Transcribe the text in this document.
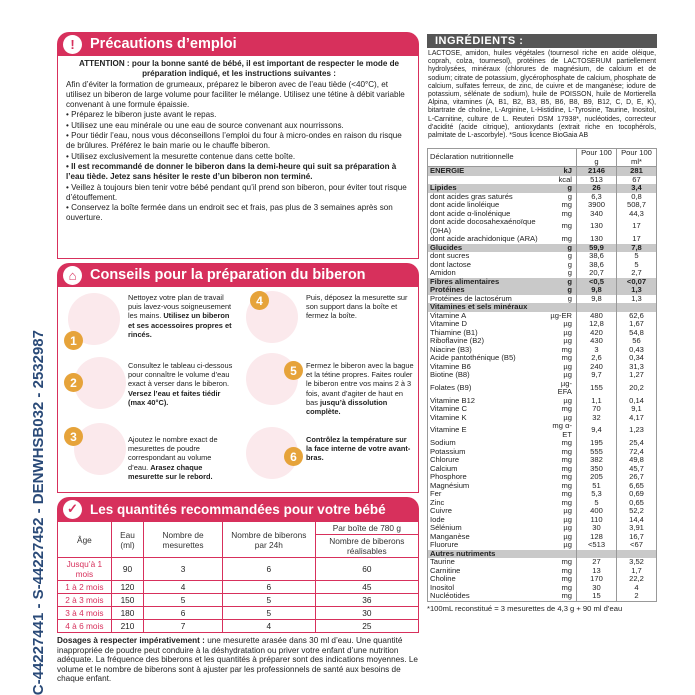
C-44227441 - S-44227452 - DENWHSB032 - 2532987
!	Précautions d’emploi

ATTENTION : pour la bonne santé de bébé, il est important de respecter le mode de préparation indiqué, et les instructions suivantes :

Afin d’éviter la formation de grumeaux, préparez le biberon avec de l’eau tiède (<40°C), et utilisez un biberon de large volume pour faciliter le mélange. Utilisez une tétine à débit variable convenant à une formule épaissie.

• Préparez le biberon juste avant le repas.
• Utilisez une eau minérale ou une eau de source convenant aux nourrissons.
• Pour tiédir l’eau, nous vous déconseillons l’emploi du four à micro-ondes en raison du risque de brûlures. Préférez le bain marie ou le chauffe biberon.
• Utilisez exclusivement la mesurette contenue dans cette boîte.
• Il est recommandé de donner le biberon dans la demi-heure qui suit sa préparation à l’eau tiède. Jetez sans hésiter le reste d’un biberon non terminé.
• Veillez à toujours bien tenir votre bébé pendant qu’il prend son biberon, pour éviter tout risque d’étouffement.
• Conservez la boîte fermée dans un endroit sec et frais, pas plus de 3 semaines après son ouverture.
⌂ Conseils pour la préparation du biberon
1
Nettoyez votre plan de travail puis lavez-vous soigneusement les mains. Utilisez un biberon et ses accessoires propres et rincés.
2
Consultez le tableau ci-dessous pour connaître le volume d’eau exact à verser dans le biberon. Versez l’eau et faites tiédir (max 40°C).
3	Ajoutez le nombre exact de mesurettes de poudre correspondant au volume d’eau. Arasez chaque mesurette sur le rebord.
4	Puis, déposez la mesurette sur son support dans la boîte et fermez la boîte.
5 Fermez le biberon avec la bague et la tétine propres. Faites rouler le biberon entre vos mains 2 à 3 fois, avant d’agiter de haut en bas jusqu’à dissolution complète.
6
Contrôlez la température sur la face interne de votre avant-bras.
✓ Les quantités recommandées pour votre bébé
Âge	Eau (ml)	Nombre de mesurettes	Nombre de biberons par 24h	Par boîte de 780 g
				Nombre de biberons réalisables
Jusqu’à 1 mois	90	3	6	60
1 à 2 mois	120	4	6	45
2 à 3 mois	150	5	5	36
3 à 4 mois	180	6	5	30
4 à 6 mois	210	7	4	25
Dosages à respecter impérativement : une mesurette arasée dans 30 ml d’eau. Une quantité inappropriée de poudre peut conduire à la déshydratation ou priver votre enfant d’une nutrition adéquate. La fréquence des biberons et les quantités à préparer sont des indications moyennes. Le volume et le nombre de biberons sont à ajuster par les professionnels de santé aux besoins de chaque enfant.
INGRÉDIENTS :
LACTOSE, amidon, huiles végétales (tournesol riche en acide oléique, coprah, colza, tournesol), protéines de LACTOSERUM partiellement hydrolysées, minéraux (chlorures de magnésium, de calcium et de sodium; citrate de potassium, glycérophosphate de calcium, phosphate de calcium, sulfates ferreux, de zinc, de cuivre et de manganèse; iodure de potassium, sélénate de sodium), huile de POISSON, huile de Mortierella Alpina, vitamines (A, B1, B2, B3, B5, B6, B8, B9, B12, C, D, E, K), bitartrate de choline, L-Arginine, L-Histidine, L-Tyrosine, Taurine, Inositol, L-Carnitine, culture de L. Reuteri DSM 17938*, nucléotides, correcteur d’acidité (acide citrique), antioxydants (extrait riche en tocophérols, palmitate de L-ascorbyle). *Sous licence BioGaia AB
Déclaration nutritionnelle		Pour 100 g	Pour 100 ml*
ENERGIE	kJ	2146	281
	kcal	513	67
Lipides	g	26	3,4
dont acides gras saturés	g	6,3	0,8
dont acide linoléique	mg	3900	508,7
dont acide α-linolénique	mg	340	44,3
dont acide docosahexaénoïque (DHA)	mg	130	17
dont acide arachidonique (ARA)	mg	130	17
Glucides	g	59,9	7,8
dont sucres	g	38,6	5
dont lactose	g	38,6	5
Amidon	g	20,7	2,7
Fibres alimentaires	g	<0,5	<0,07
Protéines	g	9,8	1,3
Protéines de lactosérum	g	9,8	1,3
Vitamines et sels minéraux			
Vitamine A	µg-ER	480	62,6
Vitamine D	µg	12,8	1,67
Thiamine (B1)	µg	420	54,8
Riboflavine (B2)	µg	430	56
Niacine (B3)	mg	3	0,43
Acide pantothénique (B5)	mg	2,6	0,34
Vitamine B6	µg	240	31,3
Biotine (B8)	µg	9,7	1,27
Folates (B9)	µg-EFA	155	20,2
Vitamine B12	µg	1,1	0,14
Vitamine C	mg	70	9,1
Vitamine K	µg	32	4,17
Vitamine E	mg α-ET	9,4	1,23
Sodium	mg	195	25,4
Potassium	mg	555	72,4
Chlorure	mg	382	49,8
Calcium	mg	350	45,7
Phosphore	mg	205	26,7
Magnésium	mg	51	6,65
Fer	mg	5,3	0,69
Zinc	mg	5	0,65
Cuivre	µg	400	52,2
Iode	µg	110	14,4
Sélénium	µg	30	3,91
Manganèse	µg	128	16,7
Fluorure	µg	<513	<67
Autres nutriments			
Taurine	mg	27	3,52
Carnitine	mg	13	1,7
Choline	mg	170	22,2
Inositol	mg	30	4
Nucléotides	mg	15	2
*100mL reconstitué = 3 mesurettes de 4,3 g + 90 ml d’eau
